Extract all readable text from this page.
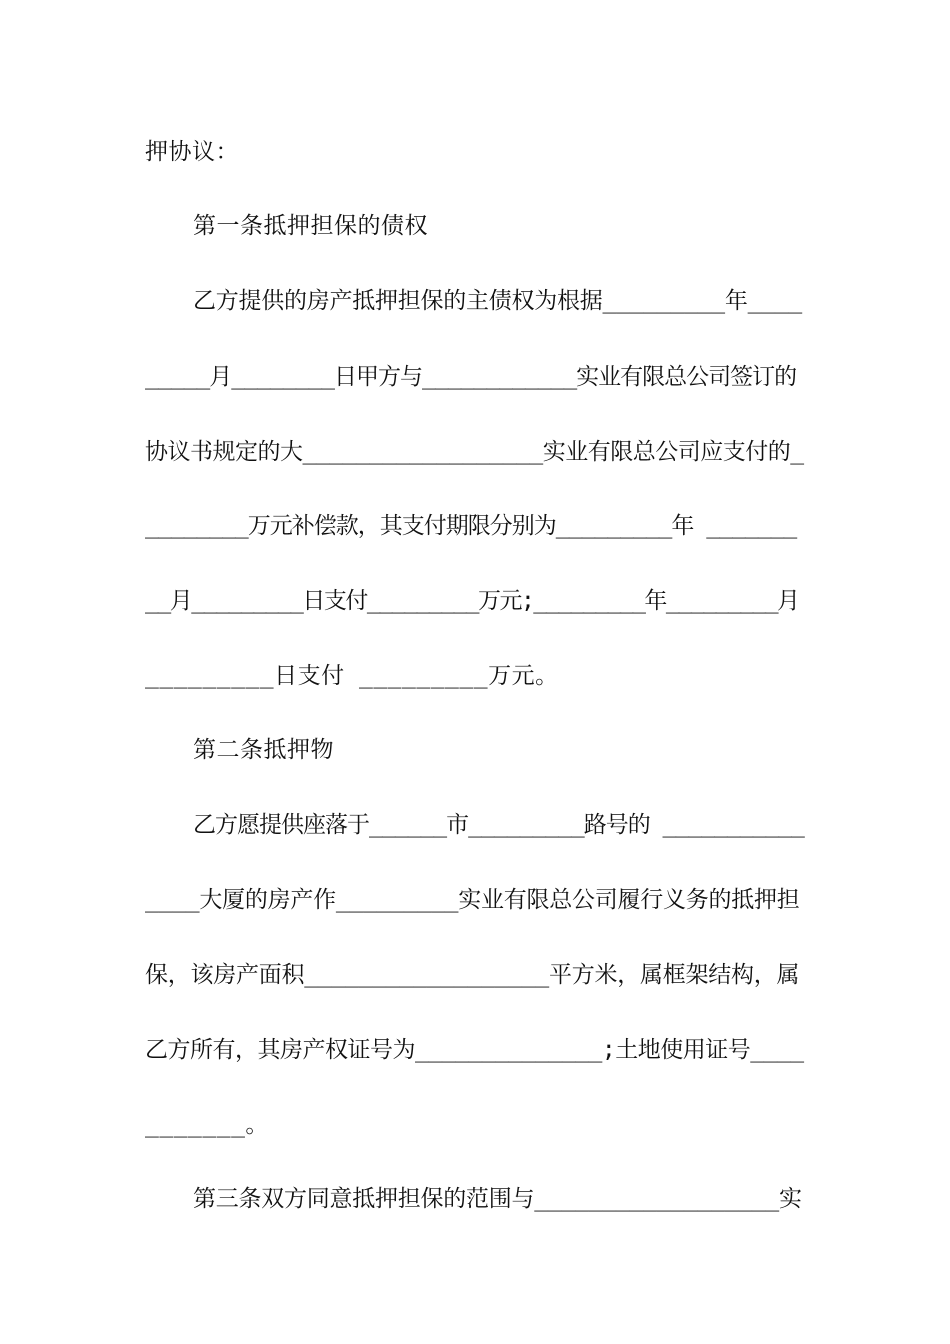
押协议：

第一条抵押担保的债权

乙方提供的房产抵押担保的主债权为根据_________年____

_____月________日甲方与____________实业有限总公司签订的

协议书规定的大__________________实业有限总公司应支付的_

________万元补偿款，其支付期限分别为_________年 _______

__月_________日支付_________万元;_________年_________月

_________日支付 _________万元。

第二条抵押物

乙方愿提供座落于______市_________路号的 ___________

____大厦的房产作_________实业有限总公司履行义务的抵押担

保，该房产面积__________________平方米，属框架结构，属

乙方所有，其房产权证号为______________;土地使用证号____

_______。

第三条双方同意抵押担保的范围与__________________实
